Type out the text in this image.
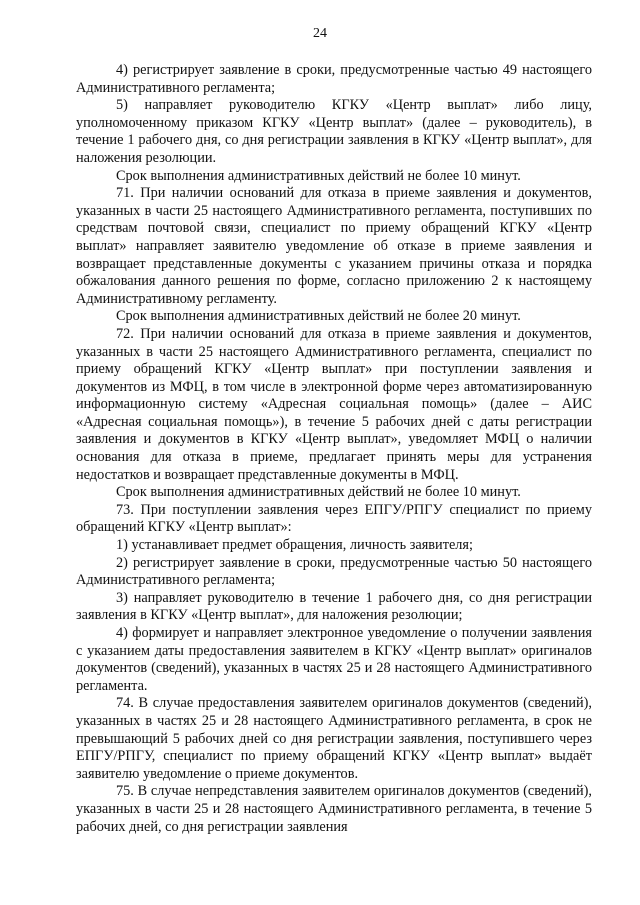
24

4) регистрирует заявление в сроки, предусмотренные частью 49 настоящего Административного регламента;

5) направляет руководителю КГКУ «Центр выплат» либо лицу, уполномоченному приказом КГКУ «Центр выплат» (далее – руководитель), в течение 1 рабочего дня, со дня регистрации заявления в КГКУ «Центр выплат», для наложения резолюции.

Срок выполнения административных действий не более 10 минут.

71. При наличии оснований для отказа в приеме заявления и документов, указанных в части 25 настоящего Административного регламента, поступивших по средствам почтовой связи, специалист по приему обращений КГКУ «Центр выплат» направляет заявителю уведомление об отказе в приеме заявления и возвращает представленные документы с указанием причины отказа и порядка обжалования данного решения по форме, согласно приложению 2 к настоящему Административному регламенту.

Срок выполнения административных действий не более 20 минут.

72. При наличии оснований для отказа в приеме заявления и документов, указанных в части 25 настоящего Административного регламента, специалист по приему обращений КГКУ «Центр выплат» при поступлении заявления и документов из МФЦ, в том числе в электронной форме через автоматизированную информационную систему «Адресная социальная помощь» (далее – АИС «Адресная социальная помощь»), в течение 5 рабочих дней с даты регистрации заявления и документов в КГКУ «Центр выплат», уведомляет МФЦ о наличии основания для отказа в приеме, предлагает принять меры для устранения недостатков и возвращает представленные документы в МФЦ.

Срок выполнения административных действий не более 10 минут.

73. При поступлении заявления через ЕПГУ/РПГУ специалист по приему обращений КГКУ «Центр выплат»:

1) устанавливает предмет обращения, личность заявителя;

2) регистрирует заявление в сроки, предусмотренные частью 50 настоящего Административного регламента;

3) направляет руководителю в течение 1 рабочего дня, со дня регистрации заявления в КГКУ «Центр выплат», для наложения резолюции;

4) формирует и направляет электронное уведомление о получении заявления с указанием даты предоставления заявителем в КГКУ «Центр выплат» оригиналов документов (сведений), указанных в частях 25 и 28 настоящего Административного регламента.

74. В случае предоставления заявителем оригиналов документов (сведений), указанных в частях 25 и 28 настоящего Административного регламента, в срок не превышающий 5 рабочих дней со дня регистрации заявления, поступившего через ЕПГУ/РПГУ, специалист по приему обращений КГКУ «Центр выплат» выдаёт заявителю уведомление о приеме документов.

75. В случае непредставления заявителем оригиналов документов (сведений), указанных в части 25 и 28 настоящего Административного регламента, в течение 5 рабочих дней, со дня регистрации заявления
